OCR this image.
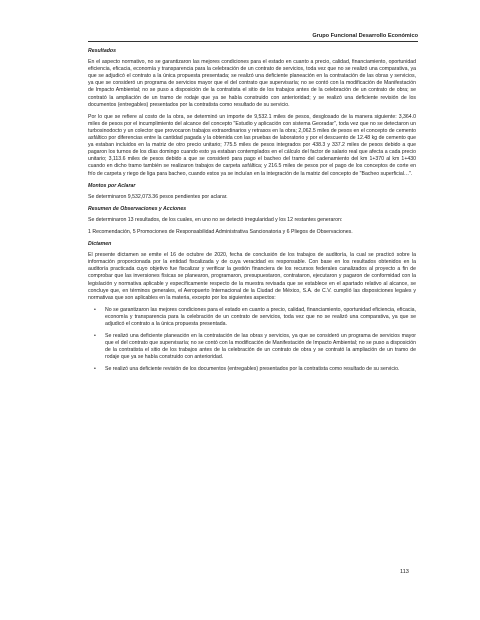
Grupo Funcional Desarrollo Económico
Resultados

En el aspecto normativo, no se garantizaron las mejores condiciones para el estado en cuanto a precio, calidad, financiamiento, oportunidad eficiencia, eficacia, economía y transparencia para la celebración de un contrato de servicios, toda vez que no se realizó una comparativa, ya que se adjudicó el contrato a la única propuesta presentada; se realizó una deficiente planeación en la contratación de las obras y servicios, ya que se consideró un programa de servicios mayor que el del contrato que supervisaría; no se contó con la modificación de Manifestación de Impacto Ambiental; no se puso a disposición de la contratista el sitio de los trabajos antes de la celebración de un contrato de obra; se contrató la ampliación de un tramo de rodaje que ya se había construido con anterioridad; y se realizó una deficiente revisión de los documentos (entregables) presentados por la contratista como resultado de su servicio.

Por lo que se refiere al costo de la obra, se determinó un importe de 9,532.1 miles de pesos, desglosado de la manera siguiente: 3,364.0 miles de pesos por el incumplimiento del alcance del concepto "Estudio y aplicación con sistema Georadar", toda vez que no se detectaron un turbosinodocto y un colector que provocaron trabajos extraordinarios y retrasos en la obra; 2,062.5 miles de pesos en el concepto de cemento asfáltico por diferencias entre la cantidad pagada y la obtenida con las pruebas de laboratorio y por el descuento de 12.48 kg de cemento que ya estaban incluidos en la matriz de otro precio unitario; 775.5 miles de pesos integrados por 438.3 y 337.2 miles de pesos debido a que pagaron los turnos de los días domingo cuando esto ya estaban contemplados en el cálculo del factor de salario real que afecta a cada precio unitario; 3,113.6 miles de pesos debido a que se consideró para pago el bacheo del tramo del cadenamiento del km 1+370 al km 1+430 cuando en dicho tramo también se realizaron trabajos de carpeta asfáltica; y 216.5 miles de pesos por el pago de los conceptos de corte en frío de carpeta y riego de liga para bacheo, cuando estos ya se incluían en la integración de la matriz del concepto de "Bacheo superficial…".

Montos por Aclarar

Se determinaron 9,532,073.36 pesos pendientes por aclarar.

Resumen de Observaciones y Acciones

Se determinaron 13 resultados, de los cuales, en uno no se detectó irregularidad y los 12 restantes generaron:

1 Recomendación, 5 Promociones de Responsabilidad Administrativa Sancionatoria y 6 Pliegos de Observaciones.

Dictamen

El presente dictamen se emite el 16 de octubre de 2020, fecha de conclusión de los trabajos de auditoría, la cual se practicó sobre la información proporcionada por la entidad fiscalizada y de cuya veracidad es responsable. Con base en los resultados obtenidos en la auditoría practicada cuyo objetivo fue fiscalizar y verificar la gestión financiera de los recursos federales canalizados al proyecto a fin de comprobar que las inversiones físicas se planearon, programaron, presupuestaron, contrataron, ejecutaron y pagaron de conformidad con la legislación y normativa aplicable y específicamente respecto de la muestra revisada que se establece en el apartado relativo al alcance, se concluye que, en términos generales, el Aeropuerto Internacional de la Ciudad de México, S.A. de C.V. cumplió las disposiciones legales y normativas que son aplicables en la materia, excepto por los siguientes aspectos:

• No se garantizaron las mejores condiciones para el estado en cuanto a precio, calidad, financiamiento, oportunidad eficiencia, eficacia, economía y transparencia para la celebración de un contrato de servicios, toda vez que no se realizó una comparativa, ya que se adjudicó el contrato a la única propuesta presentada.
• Se realizó una deficiente planeación en la contratación de las obras y servicios, ya que se consideró un programa de servicios mayor que el del contrato que supervisaría; no se contó con la modificación de Manifestación de Impacto Ambiental; no se puso a disposición de la contratista el sitio de los trabajos antes de la celebración de un contrato de obra y se contrató la ampliación de un tramo de rodaje que ya se había construido con anterioridad.
• Se realizó una deficiente revisión de los documentos (entregables) presentados por la contratista como resultado de su servicio.
113
